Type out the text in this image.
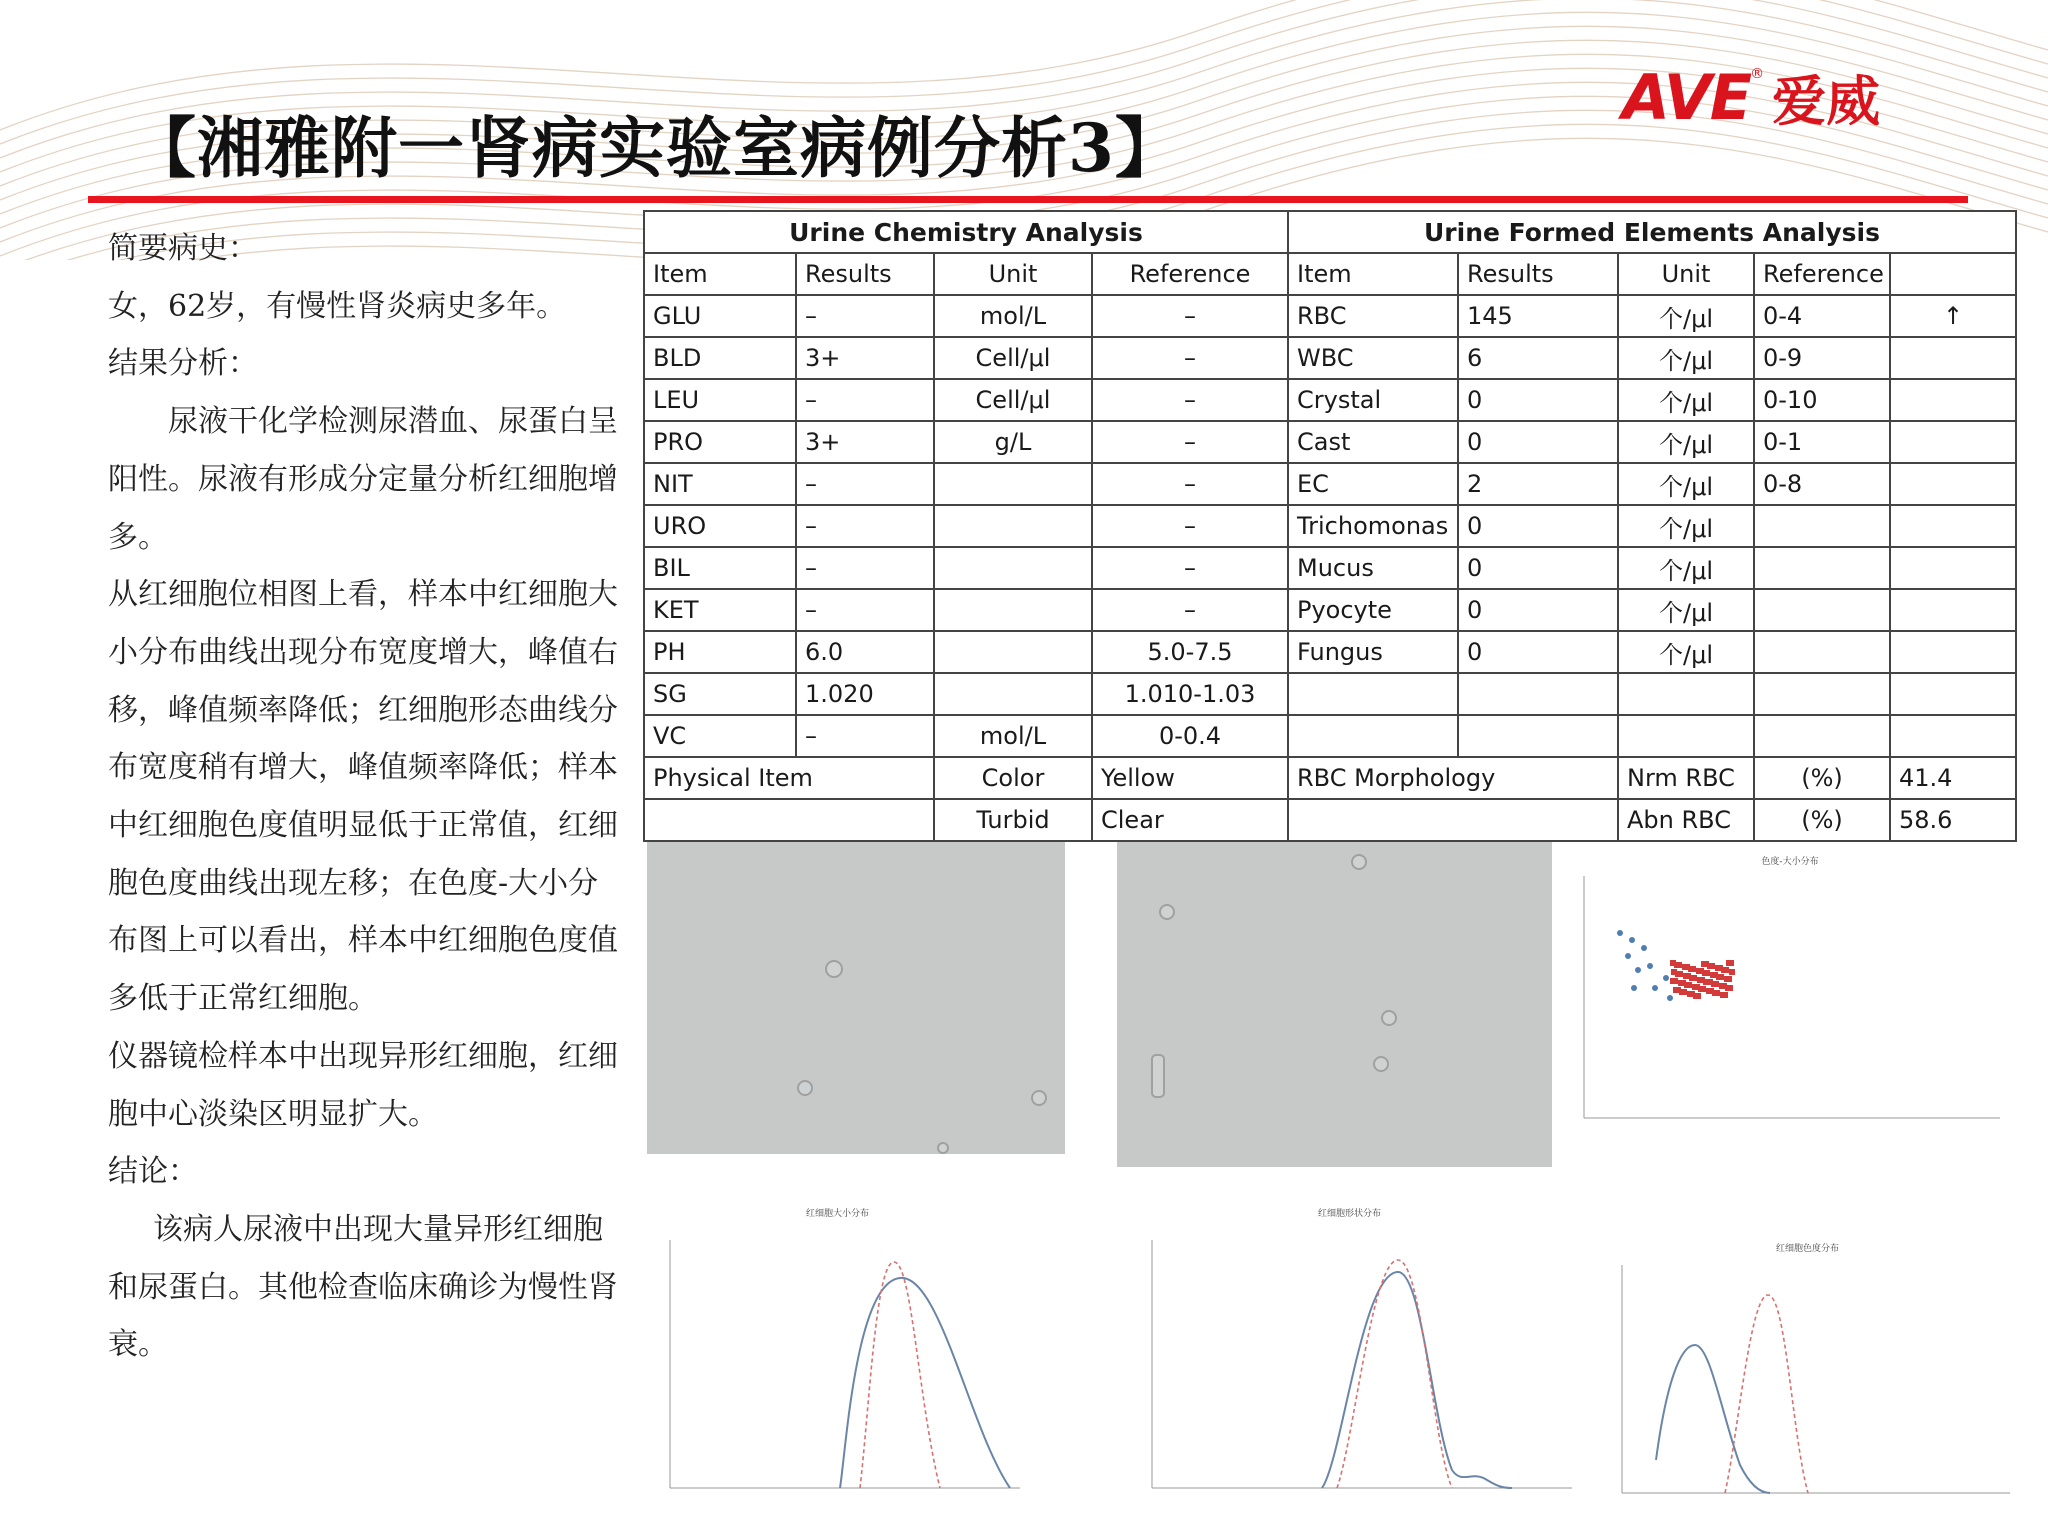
【湘雅附一肾病实验室病例分析3】
AVE ® 爱威

简要病史：

女，62岁，有慢性肾炎病史多年。

结果分析：

尿液干化学检测尿潜血、尿蛋白呈阳性。尿液有形成分定量分析红细胞增多。

从红细胞位相图上看，样本中红细胞大小分布曲线出现分布宽度增大，峰值右移，峰值频率降低；红细胞形态曲线分布宽度稍有增大，峰值频率降低；样本中红细胞色度值明显低于正常值，红细胞色度曲线出现左移；在色度-大小分布图上可以看出，样本中红细胞色度值多低于正常红细胞。

仪器镜检样本中出现异形红细胞，红细胞中心淡染区明显扩大。

结论：

该病人尿液中出现大量异形红细胞和尿蛋白。其他检查临床确诊为慢性肾衰。

Urine Chemistry Analysis				Urine Formed Elements Analysis				
Item	Results	Unit	Reference	Item	Results	Unit	Reference	
GLU	–	mol/L	–	RBC	145	个/μl	0-4	↑
BLD	3+	Cell/μl	–	WBC	6	个/μl	0-9	
LEU	–	Cell/μl	–	Crystal	0	个/μl	0-10	
PRO	3+	g/L	–	Cast	0	个/μl	0-1	
NIT	–		–	EC	2	个/μl	0-8	
URO	–		–	Trichomonas	0	个/μl		
BIL	–		–	Mucus	0	个/μl		
KET	–		–	Pyocyte	0	个/μl		
PH	6.0		5.0-7.5	Fungus	0	个/μl		
SG	1.020		1.010-1.03					
VC	–	mol/L	0-0.4					
Physical Item		Color	Yellow	RBC Morphology		Nrm RBC	(%)	41.4
		Turbid	Clear			Abn RBC	(%)	58.6
色度-大小分布
红细胞大小分布	红细胞形状分布
红细胞色度分布
